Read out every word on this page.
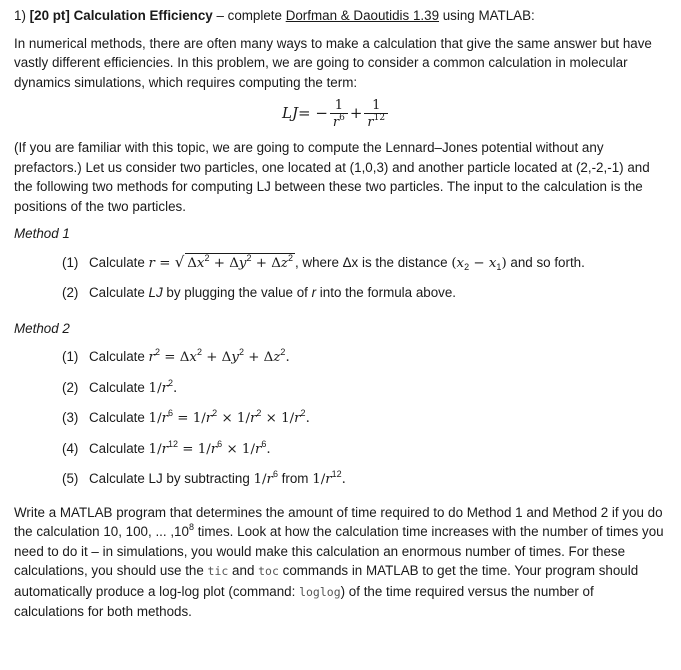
1) [20 pt] Calculation Efficiency – complete Dorfman & Daoutidis 1.39 using MATLAB:

In numerical methods, there are often many ways to make a calculation that give the same answer but have vastly different efficiencies. In this problem, we are going to consider a common calculation in molecular dynamics simulations, which requires computing the term:

LJ = − $\frac{1}{r^6} + \frac{1}{r^{12}}$

(If you are familiar with this topic, we are going to compute the Lennard–Jones potential without any prefactors.) Let us consider two particles, one located at (1,0,3) and another particle located at (2,-2,-1) and the following two methods for computing LJ between these two particles. The input to the calculation is the positions of the two particles.

Method 1
(1) Calculate r = √ $\Delta x^2 + \Delta y^2 + \Delta z^2$ , where Δx is the distance $(x_2 - x_1)$ and so forth.
(2) Calculate LJ by plugging the value of r into the formula above.
Method 2
(1) Calculate $r^2 = \Delta x^2 + \Delta y^2 + \Delta z^2$.
(2) Calculate $1/r^2$.
(3) Calculate $1/r^6 = 1/r^2 \times 1/r^2 \times 1/r^2$.
(4) Calculate $1/r^{12} = 1/r^6 \times 1/r^6$.
(5) Calculate LJ by subtracting $1/r^6$ from $1/r^{12}$.

Write a MATLAB program that determines the amount of time required to do Method 1 and Method 2 if you do the calculation 10, 100, ... $,10^8$ times. Look at how the calculation time increases with the number of times you need to do it – in simulations, you would make this calculation an enormous number of times. For these calculations, you should use the tic and toc commands in MATLAB to get the time. Your program should automatically produce a log-log plot (command: loglog) of the time required versus the number of calculations for both methods.
